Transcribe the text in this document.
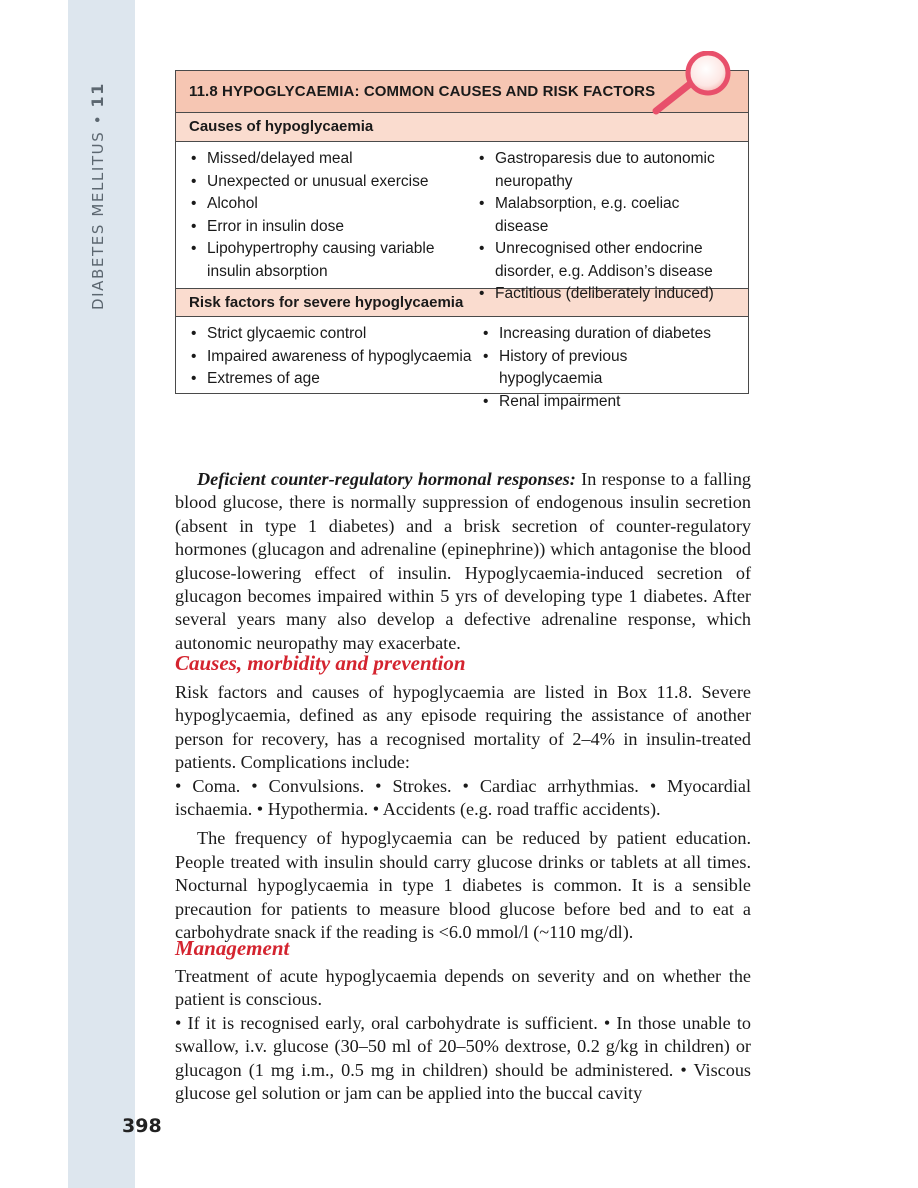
DIABETES MELLITUS • 11
398
11.8 HYPOGLYCAEMIA: COMMON CAUSES AND RISK FACTORS
Causes of hypoglycaemia
• Missed/delayed meal
• Unexpected or unusual exercise
• Alcohol
• Error in insulin dose
• Lipohypertrophy causing variable insulin absorption
• Gastroparesis due to autonomic neuropathy
• Malabsorption, e.g. coeliac disease
• Unrecognised other endocrine disorder, e.g. Addison’s disease
• Factitious (deliberately induced)
Risk factors for severe hypoglycaemia
• Strict glycaemic control
• Impaired awareness of hypoglycaemia
• Extremes of age
• Increasing duration of diabetes
• History of previous hypoglycaemia
• Renal impairment

Deficient counter-regulatory hormonal responses: In response to a falling blood glucose, there is normally suppression of endogenous insulin secretion (absent in type 1 diabetes) and a brisk secretion of counter-regulatory hormones (glucagon and adrenaline (epinephrine)) which antagonise the blood glucose-lowering effect of insulin. Hypoglycaemia-induced secretion of glucagon becomes impaired within 5 yrs of developing type 1 diabetes. After several years many also develop a defective adrenaline response, which autonomic neuropathy may exacerbate.

Causes, morbidity and prevention

Risk factors and causes of hypoglycaemia are listed in Box 11.8. Severe hypoglycaemia, defined as any episode requiring the assistance of another person for recovery, has a recognised mortality of 2–4% in insulin-treated patients. Complications include:

• Coma. • Convulsions. • Strokes. • Cardiac arrhythmias. • Myocardial ischaemia. • Hypothermia. • Accidents (e.g. road traffic accidents).

The frequency of hypoglycaemia can be reduced by patient education. People treated with insulin should carry glucose drinks or tablets at all times. Nocturnal hypoglycaemia in type 1 diabetes is common. It is a sensible precaution for patients to measure blood glucose before bed and to eat a carbohydrate snack if the reading is <6.0 mmol/l (~110 mg/dl).

Management

Treatment of acute hypoglycaemia depends on severity and on whether the patient is conscious.

• If it is recognised early, oral carbohydrate is sufficient. • In those unable to swallow, i.v. glucose (30–50 ml of 20–50% dextrose, 0.2 g/kg in children) or glucagon (1 mg i.m., 0.5 mg in children) should be administered. • Viscous glucose gel solution or jam can be applied into the buccal cavity
